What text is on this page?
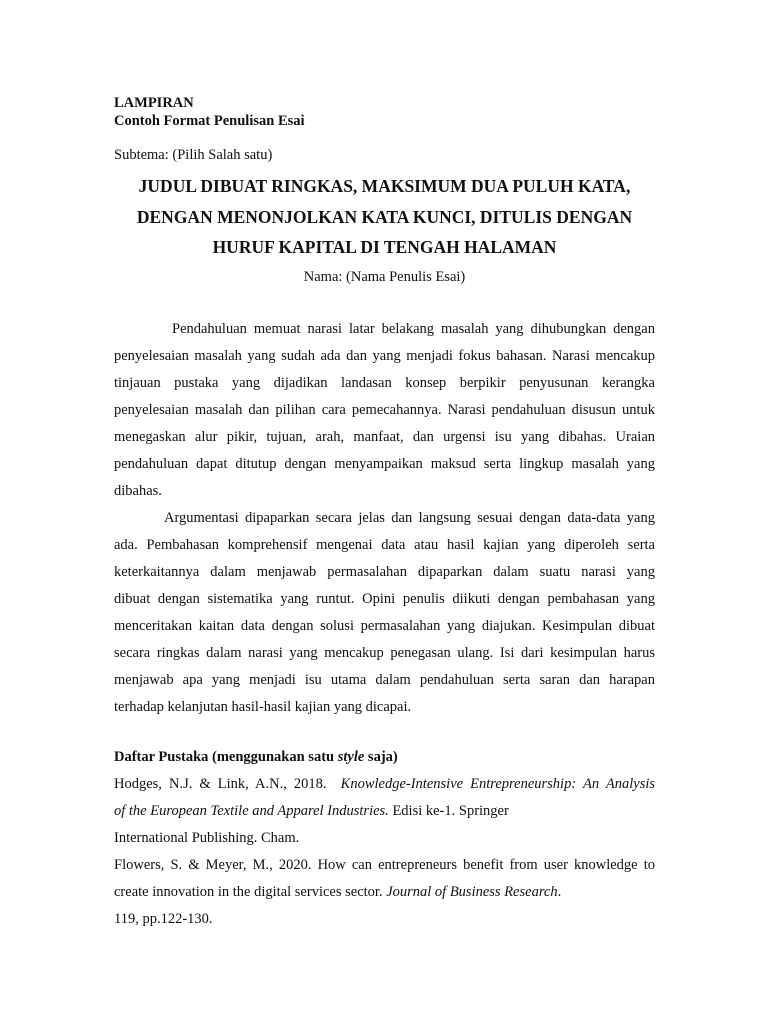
LAMPIRAN
Contoh Format Penulisan Esai
Subtema: (Pilih Salah satu)
JUDUL DIBUAT RINGKAS, MAKSIMUM DUA PULUH KATA,
DENGAN MENONJOLKAN KATA KUNCI, DITULIS DENGAN
HURUF KAPITAL DI TENGAH HALAMAN
Nama: (Nama Penulis Esai)

Pendahuluan memuat narasi latar belakang masalah yang dihubungkan dengan
penyelesaian masalah yang sudah ada dan yang menjadi fokus bahasan. Narasi mencakup
tinjauan pustaka yang dijadikan landasan konsep berpikir penyusunan kerangka
penyelesaian masalah dan pilihan cara pemecahannya. Narasi pendahuluan disusun untuk
menegaskan alur pikir, tujuan, arah, manfaat, dan urgensi isu yang dibahas. Uraian
pendahuluan dapat ditutup dengan menyampaikan maksud serta lingkup masalah yang
dibahas.

Argumentasi dipaparkan secara jelas dan langsung sesuai dengan data-data yang
ada. Pembahasan komprehensif mengenai data atau hasil kajian yang diperoleh serta
keterkaitannya dalam menjawab permasalahan dipaparkan dalam suatu narasi yang
dibuat dengan sistematika yang runtut. Opini penulis diikuti dengan pembahasan yang
menceritakan kaitan data dengan solusi permasalahan yang diajukan. Kesimpulan dibuat
secara ringkas dalam narasi yang mencakup penegasan ulang. Isi dari kesimpulan harus
menjawab apa yang menjadi isu utama dalam pendahuluan serta saran dan harapan
terhadap kelanjutan hasil-hasil kajian yang dicapai.

Daftar Pustaka (menggunakan satu style saja)
Hodges, N.J. & Link, A.N., 2018. Knowledge-Intensive Entrepreneurship: An Analysis
of the European Textile and Apparel Industries. Edisi ke-1. Springer
International Publishing. Cham.
Flowers, S. & Meyer, M., 2020. How can entrepreneurs benefit from user knowledge to
create innovation in the digital services sector. Journal of Business Research.
119, pp.122-130.
